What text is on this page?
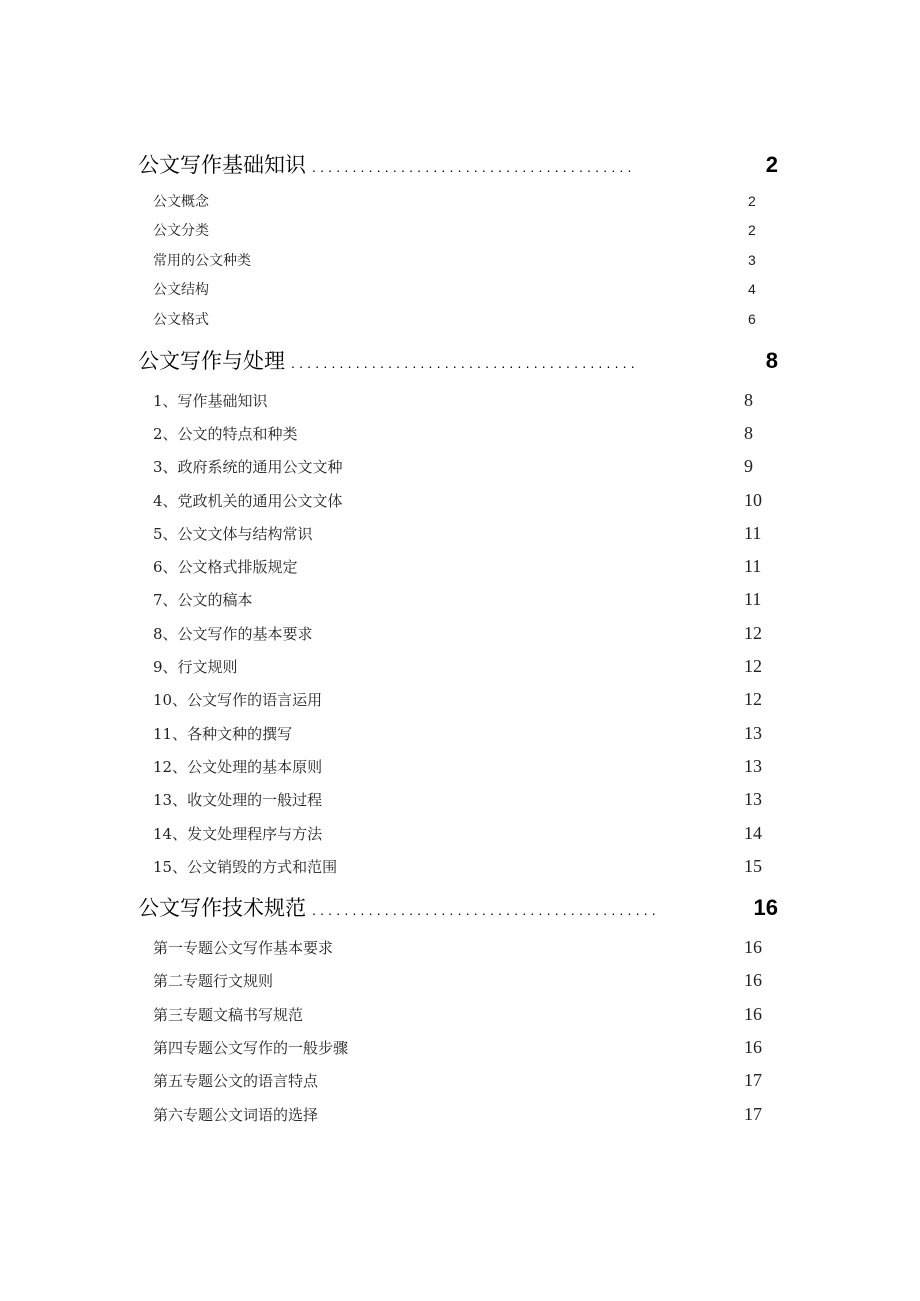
公文写作基础知识 ........................................	2
公文概念	2
公文分类	2
常用的公文种类	3
公文结构	4
公文格式	6
公文写作与处理 ...........................................	8
1、写作基础知识	8
2、公文的特点和种类	8
3、政府系统的通用公文文种	9
4、党政机关的通用公文文体	10
5、公文文体与结构常识	11
6、公文格式排版规定	11
7、公文的稿本	11
8、公文写作的基本要求	12
9、行文规则	12
10、公文写作的语言运用	12
11、各种文种的撰写	13
12、公文处理的基本原则	13
13、收文处理的一般过程	13
14、发文处理程序与方法	14
15、公文销毁的方式和范围	15
公文写作技术规范 ...........................................	16
第一专题公文写作基本要求	16
第二专题行文规则	16
第三专题文稿书写规范	16
第四专题公文写作的一般步骤	16
第五专题公文的语言特点	17
第六专题公文词语的选择	17
